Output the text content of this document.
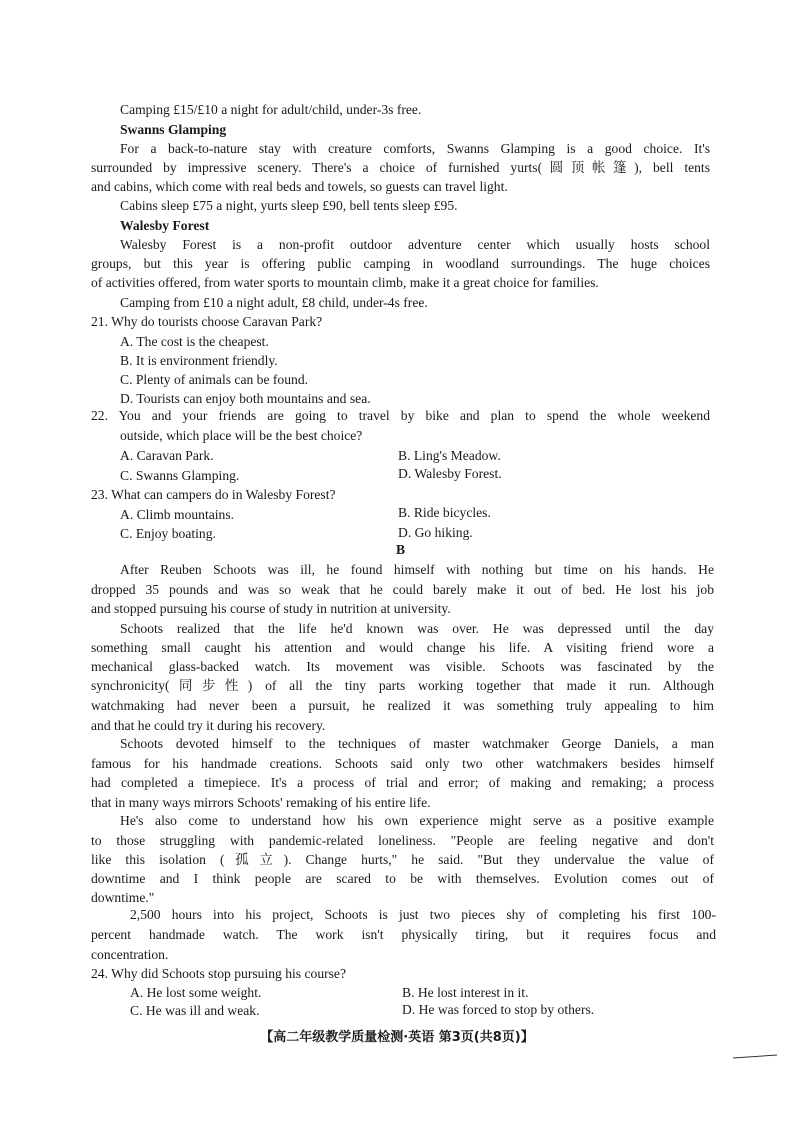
Camping £15/£10 a night for adult/child, under-3s free.
Swanns Glamping
For a back-to-nature stay with creature comforts, Swanns Glamping is a good choice. It's
surrounded by impressive scenery. There's a choice of furnished yurts(圆顶帐篷), bell tents
and cabins, which come with real beds and towels, so guests can travel light.
Cabins sleep £75 a night, yurts sleep £90, bell tents sleep £95.
Walesby Forest
Walesby Forest is a non-profit outdoor adventure center which usually hosts school
groups, but this year is offering public camping in woodland surroundings. The huge choices
of activities offered, from water sports to mountain climb, make it a great choice for families.
Camping from £10 a night adult, £8 child, under-4s free.
21. Why do tourists choose Caravan Park?
A. The cost is the cheapest.
B. It is environment friendly.
C. Plenty of animals can be found.
D. Tourists can enjoy both mountains and sea.
22. You and your friends are going to travel by bike and plan to spend the whole weekend
outside, which place will be the best choice?
A. Caravan Park.	B. Ling's Meadow.
C. Swanns Glamping.	D. Walesby Forest.
23. What can campers do in Walesby Forest?
A. Climb mountains.	B. Ride bicycles.
C. Enjoy boating.	D. Go hiking.
B
After Reuben Schoots was ill, he found himself with nothing but time on his hands. He
dropped 35 pounds and was so weak that he could barely make it out of bed. He lost his job
and stopped pursuing his course of study in nutrition at university.
Schoots realized that the life he'd known was over. He was depressed until the day
something small caught his attention and would change his life. A visiting friend wore a
mechanical glass-backed watch. Its movement was visible. Schoots was fascinated by the
synchronicity(同步性) of all the tiny parts working together that made it run. Although
watchmaking had never been a pursuit, he realized it was something truly appealing to him
and that he could try it during his recovery.
Schoots devoted himself to the techniques of master watchmaker George Daniels, a man
famous for his handmade creations. Schoots said only two other watchmakers besides himself
had completed a timepiece. It's a process of trial and error; of making and remaking; a process
that in many ways mirrors Schoots' remaking of his entire life.
He's also come to understand how his own experience might serve as a positive example
to those struggling with pandemic-related loneliness. "People are feeling negative and don't
like this isolation (孤立). Change hurts," he said. "But they undervalue the value of
downtime and I think people are scared to be with themselves. Evolution comes out of
downtime."
2,500 hours into his project, Schoots is just two pieces shy of completing his first 100-
percent handmade watch. The work isn't physically tiring, but it requires focus and
concentration.
24. Why did Schoots stop pursuing his course?
A. He lost some weight.	B. He lost interest in it.
C. He was ill and weak.	D. He was forced to stop by others.
【高二年级教学质量检测·英语 第3页(共8页)】
